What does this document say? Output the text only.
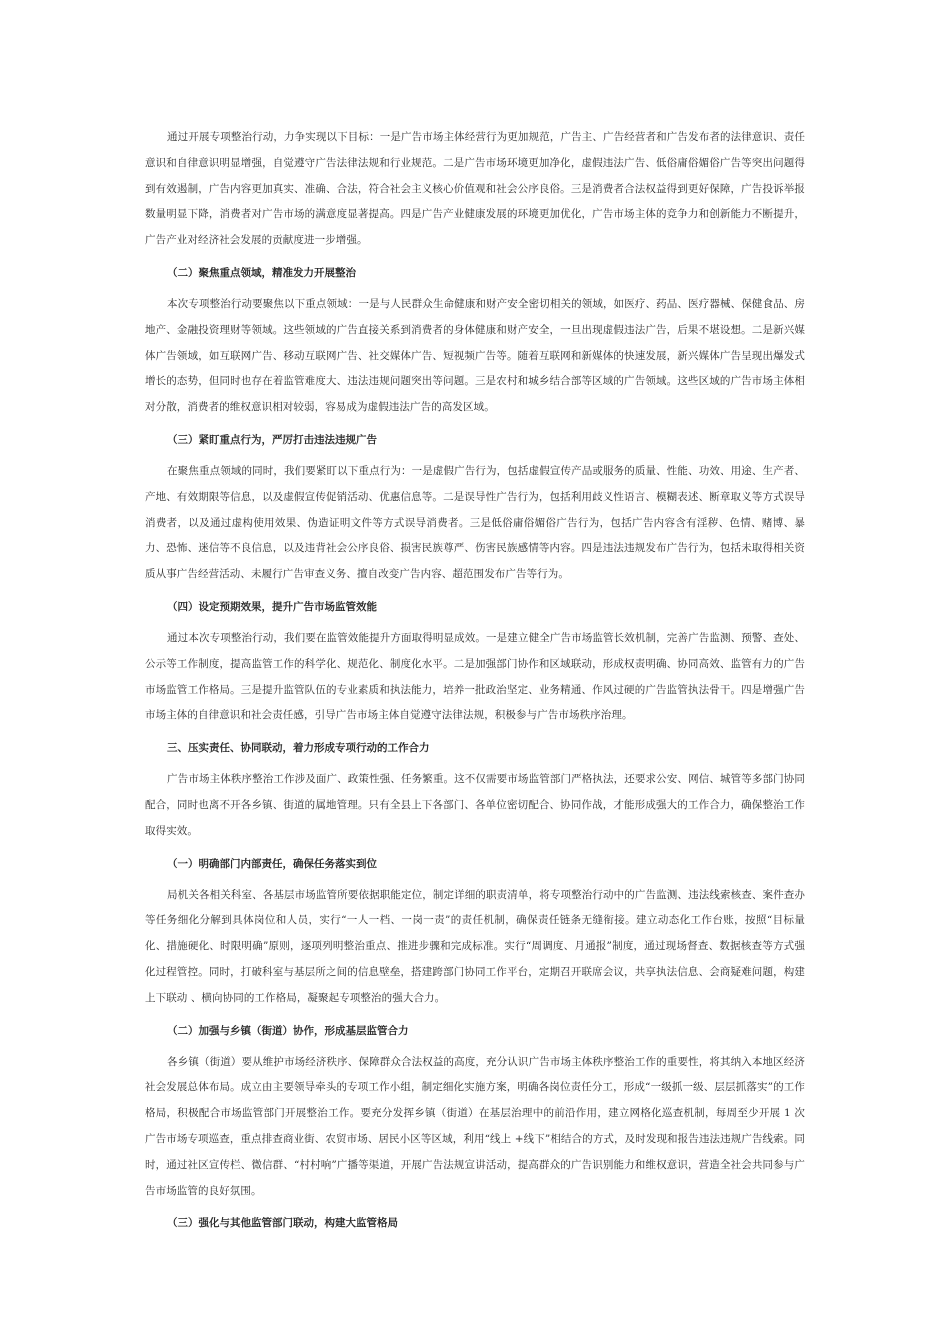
通过开展专项整治行动，力争实现以下目标：一是广告市场主体经营行为更加规范，广告主、广告经营者和广告发布者的法律意识、责任意识和自律意识明显增强，自觉遵守广告法律法规和行业规范。二是广告市场环境更加净化，虚假违法广告、低俗庸俗媚俗广告等突出问题得到有效遏制，广告内容更加真实、准确、合法，符合社会主义核心价值观和社会公序良俗。三是消费者合法权益得到更好保障，广告投诉举报数量明显下降，消费者对广告市场的满意度显著提高。四是广告产业健康发展的环境更加优化，广告市场主体的竞争力和创新能力不断提升，广告产业对经济社会发展的贡献度进一步增强。

（二）聚焦重点领域，精准发力开展整治

本次专项整治行动要聚焦以下重点领域：一是与人民群众生命健康和财产安全密切相关的领域，如医疗、药品、医疗器械、保健食品、房地产、金融投资理财等领域。这些领域的广告直接关系到消费者的身体健康和财产安全，一旦出现虚假违法广告，后果不堪设想。二是新兴媒体广告领域，如互联网广告、移动互联网广告、社交媒体广告、短视频广告等。随着互联网和新媒体的快速发展，新兴媒体广告呈现出爆发式增长的态势，但同时也存在着监管难度大、违法违规问题突出等问题。三是农村和城乡结合部等区域的广告领域。这些区域的广告市场主体相对分散，消费者的维权意识相对较弱，容易成为虚假违法广告的高发区域。

（三）紧盯重点行为，严厉打击违法违规广告

在聚焦重点领域的同时，我们要紧盯以下重点行为：一是虚假广告行为，包括虚假宣传产品或服务的质量、性能、功效、用途、生产者、产地、有效期限等信息，以及虚假宣传促销活动、优惠信息等。二是误导性广告行为，包括利用歧义性语言、模糊表述、断章取义等方式误导消费者，以及通过虚构使用效果、伪造证明文件等方式误导消费者。三是低俗庸俗媚俗广告行为，包括广告内容含有淫秽、色情、赌博、暴力、恐怖、迷信等不良信息，以及违背社会公序良俗、损害民族尊严、伤害民族感情等内容。四是违法违规发布广告行为，包括未取得相关资质从事广告经营活动、未履行广告审查义务、擅自改变广告内容、超范围发布广告等行为。

（四）设定预期效果，提升广告市场监管效能

通过本次专项整治行动，我们要在监管效能提升方面取得明显成效。一是建立健全广告市场监管长效机制，完善广告监测、预警、查处、公示等工作制度，提高监管工作的科学化、规范化、制度化水平。二是加强部门协作和区域联动，形成权责明确、协同高效、监管有力的广告市场监管工作格局。三是提升监管队伍的专业素质和执法能力，培养一批政治坚定、业务精通、作风过硬的广告监管执法骨干。四是增强广告市场主体的自律意识和社会责任感，引导广告市场主体自觉遵守法律法规，积极参与广告市场秩序治理。

三、压实责任、协同联动，着力形成专项行动的工作合力

广告市场主体秩序整治工作涉及面广、政策性强、任务繁重。这不仅需要市场监管部门严格执法，还要求公安、网信、城管等多部门协同配合，同时也离不开各乡镇、街道的属地管理。只有全县上下各部门、各单位密切配合、协同作战，才能形成强大的工作合力，确保整治工作取得实效。

（一）明确部门内部责任，确保任务落实到位

局机关各相关科室、各基层市场监管所要依据职能定位，制定详细的职责清单，将专项整治行动中的广告监测、违法线索核查、案件查办等任务细化分解到具体岗位和人员，实行“一人一档、一岗一责”的责任机制，确保责任链条无缝衔接。建立动态化工作台账，按照“目标量化、措施硬化、时限明确”原则，逐项列明整治重点、推进步骤和完成标准。实行“周调度、月通报”制度，通过现场督查、数据核查等方式强化过程管控。同时，打破科室与基层所之间的信息壁垒，搭建跨部门协同工作平台，定期召开联席会议，共享执法信息、会商疑难问题，构建上下联动 、横向协同的工作格局，凝聚起专项整治的强大合力。

（二）加强与乡镇（街道）协作，形成基层监管合力

各乡镇（街道）要从维护市场经济秩序、保障群众合法权益的高度，充分认识广告市场主体秩序整治工作的重要性，将其纳入本地区经济社会发展总体布局。成立由主要领导牵头的专项工作小组，制定细化实施方案，明确各岗位责任分工，形成“一级抓一级、层层抓落实”的工作格局，积极配合市场监管部门开展整治工作。要充分发挥乡镇（街道）在基层治理中的前沿作用，建立网格化巡查机制，每周至少开展 1 次广告市场专项巡查，重点排查商业街、农贸市场、居民小区等区域，利用“线上 +线下”相结合的方式，及时发现和报告违法违规广告线索。同时，通过社区宣传栏、微信群、“村村响”广播等渠道，开展广告法规宣讲活动，提高群众的广告识别能力和维权意识，营造全社会共同参与广告市场监管的良好氛围。

（三）强化与其他监管部门联动，构建大监管格局
